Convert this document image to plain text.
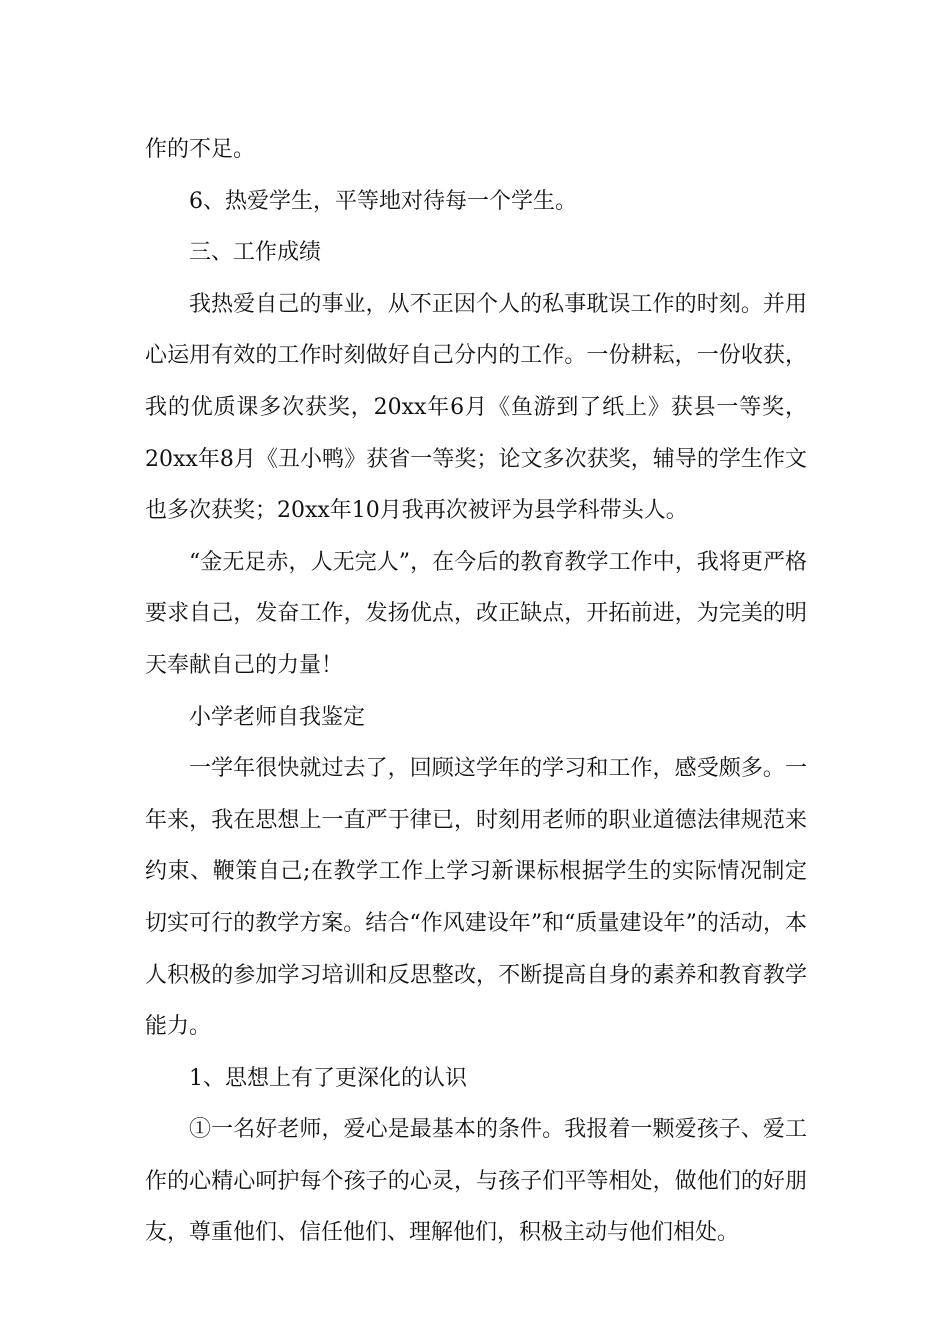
作的不足。

6、热爱学生，平等地对待每一个学生。

三、工作成绩

我热爱自己的事业，从不正因个人的私事耽误工作的时刻。并用心运用有效的工作时刻做好自己分内的工作。一份耕耘，一份收获，我的优质课多次获奖，20xx年6月《鱼游到了纸上》获县一等奖，20xx年8月《丑小鸭》获省一等奖；论文多次获奖，辅导的学生作文也多次获奖；20xx年10月我再次被评为县学科带头人。

“金无足赤，人无完人”，在今后的教育教学工作中，我将更严格要求自己，发奋工作，发扬优点，改正缺点，开拓前进，为完美的明天奉献自己的力量！

小学老师自我鉴定

一学年很快就过去了，回顾这学年的学习和工作，感受颇多。一年来，我在思想上一直严于律已，时刻用老师的职业道德法律规范来约束、鞭策自己;在教学工作上学习新课标根据学生的实际情况制定切实可行的教学方案。结合“作风建设年”和“质量建设年”的活动，本人积极的参加学习培训和反思整改，不断提高自身的素养和教育教学能力。

1、思想上有了更深化的认识

①一名好老师，爱心是最基本的条件。我报着一颗爱孩子、爱工作的心精心呵护每个孩子的心灵，与孩子们平等相处，做他们的好朋友，尊重他们、信任他们、理解他们，积极主动与他们相处。
